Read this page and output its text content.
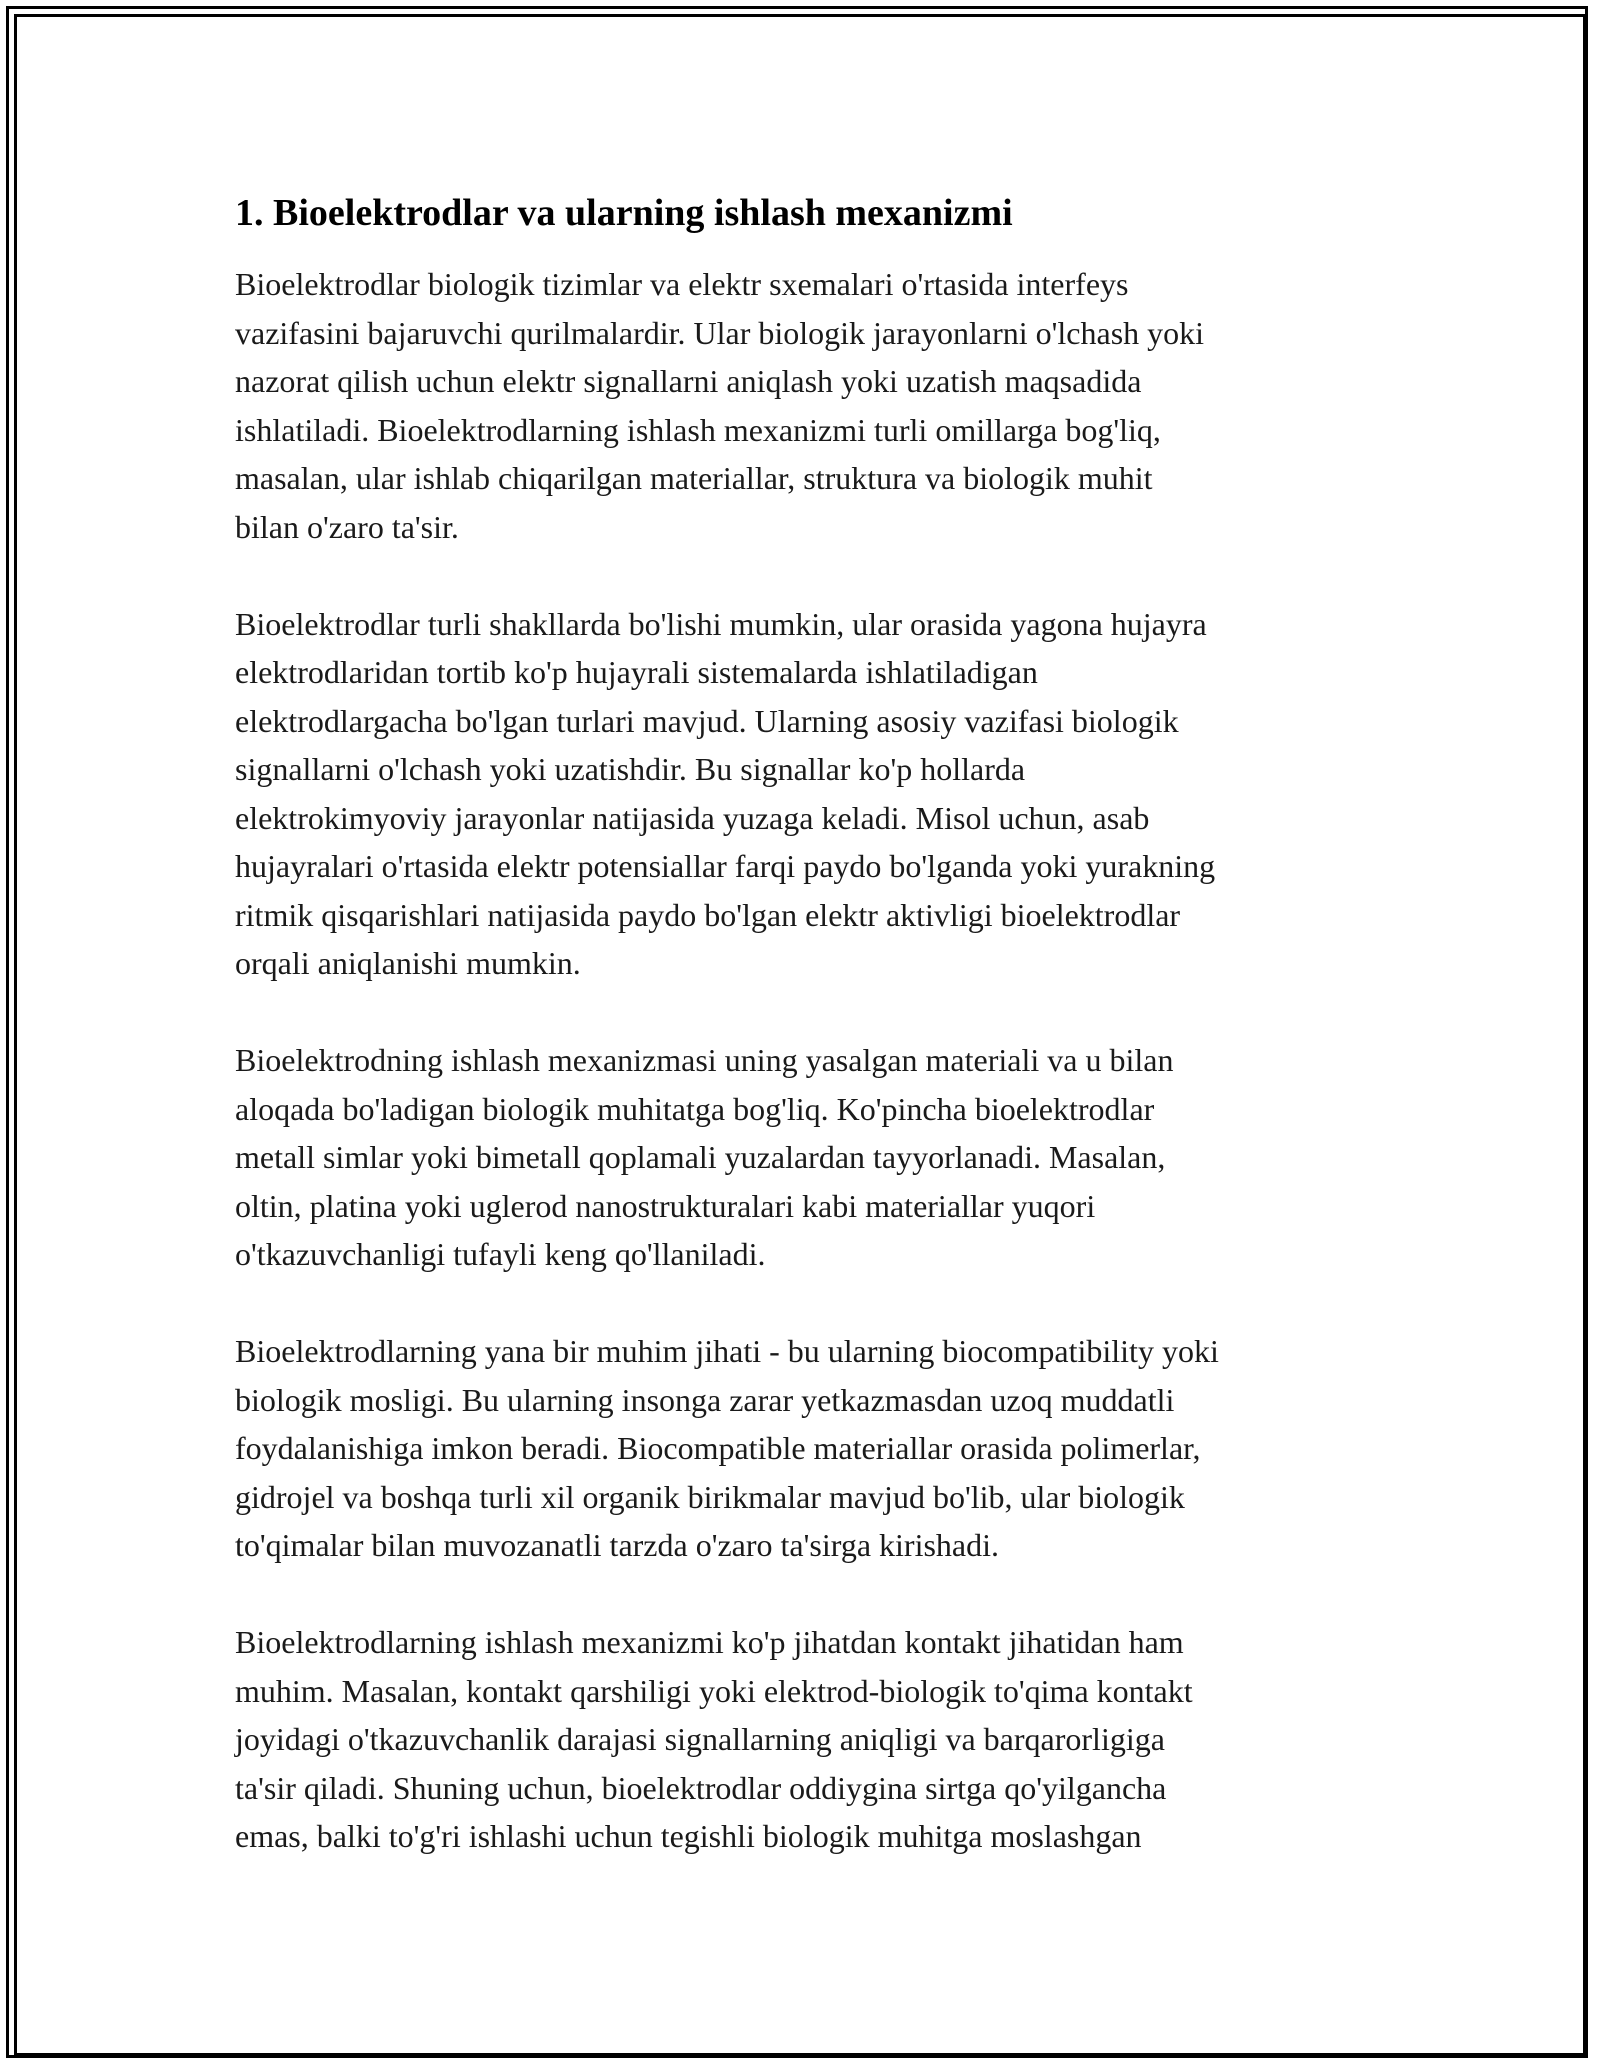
1. Bioelektrodlar va ularning ishlash mexanizmi

Bioelektrodlar biologik tizimlar va elektr sxemalari o'rtasida interfeys
vazifasini bajaruvchi qurilmalardir. Ular biologik jarayonlarni o'lchash yoki
nazorat qilish uchun elektr signallarni aniqlash yoki uzatish maqsadida
ishlatiladi. Bioelektrodlarning ishlash mexanizmi turli omillarga bog'liq,
masalan, ular ishlab chiqarilgan materiallar, struktura va biologik muhit
bilan o'zaro ta'sir.

Bioelektrodlar turli shakllarda bo'lishi mumkin, ular orasida yagona hujayra
elektrodlaridan tortib ko'p hujayrali sistemalarda ishlatiladigan
elektrodlargacha bo'lgan turlari mavjud. Ularning asosiy vazifasi biologik
signallarni o'lchash yoki uzatishdir. Bu signallar ko'p hollarda
elektrokimyoviy jarayonlar natijasida yuzaga keladi. Misol uchun, asab
hujayralari o'rtasida elektr potensiallar farqi paydo bo'lganda yoki yurakning
ritmik qisqarishlari natijasida paydo bo'lgan elektr aktivligi bioelektrodlar
orqali aniqlanishi mumkin.

Bioelektrodning ishlash mexanizmasi uning yasalgan materiali va u bilan
aloqada bo'ladigan biologik muhitatga bog'liq. Ko'pincha bioelektrodlar
metall simlar yoki bimetall qoplamali yuzalardan tayyorlanadi. Masalan,
oltin, platina yoki uglerod nanostrukturalari kabi materiallar yuqori
o'tkazuvchanligi tufayli keng qo'llaniladi.

Bioelektrodlarning yana bir muhim jihati - bu ularning biocompatibility yoki
biologik mosligi. Bu ularning insonga zarar yetkazmasdan uzoq muddatli
foydalanishiga imkon beradi. Biocompatible materiallar orasida polimerlar,
gidrojel va boshqa turli xil organik birikmalar mavjud bo'lib, ular biologik
to'qimalar bilan muvozanatli tarzda o'zaro ta'sirga kirishadi.

Bioelektrodlarning ishlash mexanizmi ko'p jihatdan kontakt jihatidan ham
muhim. Masalan, kontakt qarshiligi yoki elektrod-biologik to'qima kontakt
joyidagi o'tkazuvchanlik darajasi signallarning aniqligi va barqarorligiga
ta'sir qiladi. Shuning uchun, bioelektrodlar oddiygina sirtga qo'yilgancha
emas, balki to'g'ri ishlashi uchun tegishli biologik muhitga moslashgan
